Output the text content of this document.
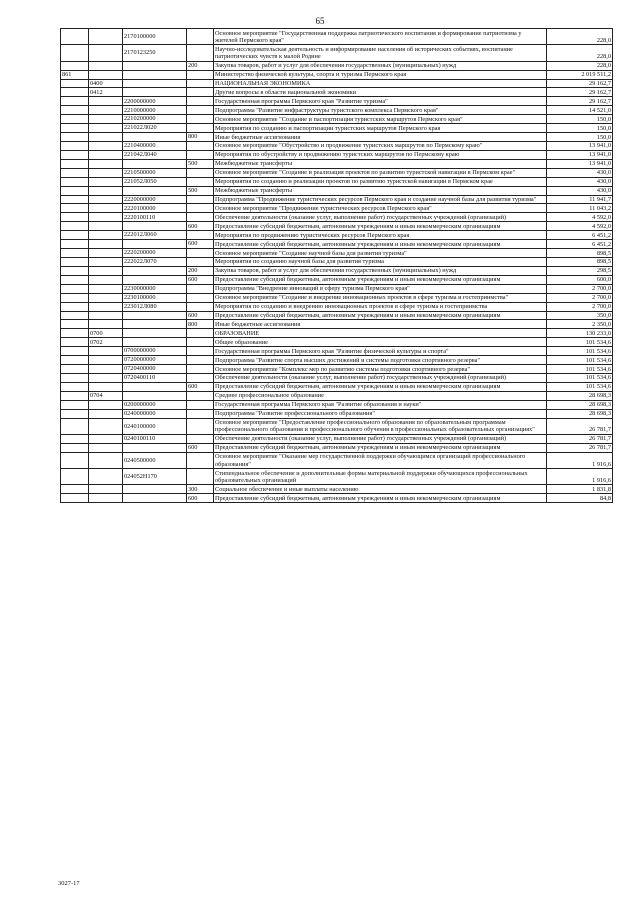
65
		2170100000		Основное мероприятие "Государственная поддержка патриотического воспитания и формирование патриотизма у жителей Пермского края"	228,0
		2170123250		Научно-исследовательская деятельность и информирование населения об исторических событиях, воспитание патриотических чувств к малой Родине	228,0
			200	Закупка товаров, работ и услуг для обеспечения государственных (муниципальных) нужд	228,0
861				Министерство физической культуры, спорта и туризма Пермского края	2 019 511,2
	0400			НАЦИОНАЛЬНАЯ ЭКОНОМИКА	29 162,7
	0412			Другие вопросы в области национальной экономики	29 162,7
		2200000000		Государственная программа Пермского края "Развитие туризма"	29 162,7
		2210000000		Подпрограмма "Развитие инфраструктуры туристского комплекса Пермского края"	14 521,0
		2210200000		Основное мероприятие "Создание и паспортизация туристских маршрутов Пермского края"	150,0
		221022Л020		Мероприятия по созданию и паспортизации туристских маршрутов Пермского края	150,0
			800	Иные бюджетные ассигнования	150,0
		2210400000		Основное мероприятие "Обустройство и продвижение туристских маршрутов по Пермскому краю"	13 941,0
		221042Л040		Мероприятия по обустройству и продвижению туристских маршрутов по Пермскому краю	13 941,0
			500	Межбюджетные трансферты	13 941,0
		2210500000		Основное мероприятие "Создание и реализация проектов по развитию туристской навигации в Пермском крае"	430,0
		221052Л050		Мероприятия по созданию и реализации проектов по развитию туристской навигации в Пермском крае	430,0
			500	Межбюджетные трансферты	430,0
		2220000000		Подпрограмма "Продвижение туристических ресурсов Пермского края и создание научной базы для развития туризма"	11 941,7
		2220100000		Основное мероприятие "Продвижение туристических ресурсов Пермского края"	11 043,2
		2220100110		Обеспечение деятельности (оказание услуг, выполнение работ) государственных учреждений (организаций)	4 592,0
			600	Предоставление субсидий бюджетным, автономным учреждениям и иным некоммерческим организациям	4 592,0
		222012Л060		Мероприятия по продвижению туристических ресурсов Пермского края	6 451,2
			600	Предоставление субсидий бюджетным, автономным учреждениям и иным некоммерческим организациям	6 451,2
		2220200000		Основное мероприятие "Создание научной базы для развития туризма"	898,5
		222022Л070		Мероприятия по созданию научной базы для развития туризма	898,5
			200	Закупка товаров, работ и услуг для обеспечения государственных (муниципальных) нужд	298,5
			600	Предоставление субсидий бюджетным, автономным учреждениям и иным некоммерческим организациям	600,0
		2230000000		Подпрограмма "Внедрение инноваций в сферу туризма Пермского края"	2 700,0
		2230100000		Основное мероприятие "Создание и внедрение инновационных проектов в сфере туризма и гостеприимства"	2 700,0
		223012Л080		Мероприятия по созданию и внедрению инновационных проектов в сфере туризма и гостеприимства	2 700,0
			600	Предоставление субсидий бюджетным, автономным учреждениям и иным некоммерческим организациям	350,0
			800	Иные бюджетные ассигнования	2 350,0
	0700			ОБРАЗОВАНИЕ	130 233,0
	0702			Общее образование	101 534,6
		0700000000		Государственная программа Пермского края "Развитие физической культуры и спорта"	101 534,6
		0720000000		Подпрограмма "Развитие спорта высших достижений и системы подготовки спортивного резерва"	101 534,6
		0720400000		Основное мероприятие "Комплекс мер по развитию системы подготовки спортивного резерва"	101 534,6
		0720400110		Обеспечение деятельности (оказание услуг, выполнение работ) государственных учреждений (организаций)	101 534,6
			600	Предоставление субсидий бюджетным, автономным учреждениям и иным некоммерческим организациям	101 534,6
	0704			Среднее профессиональное образование	28 698,3
		0200000000		Государственная программа Пермского края "Развитие образования и науки"	28 698,3
		0240000000		Подпрограмма "Развитие профессионального образования"	28 698,3
		0240100000		Основное мероприятие "Предоставление профессионального образования по образовательным программам профессионального образования и профессионального обучения в профессиональных образовательных организациях"	26 781,7
		0240100110		Обеспечение деятельности (оказание услуг, выполнение работ) государственных учреждений (организаций)	26 781,7
			600	Предоставление субсидий бюджетным, автономным учреждениям и иным некоммерческим организациям	26 781,7
		0240500000		Основное мероприятие "Оказание мер государственной поддержки обучающимся организаций профессионального образования"	1 916,6
		024052Н170		Стипендиальное обеспечение и дополнительные формы материальной поддержки обучающихся профессиональных образовательных организаций	1 916,6
			300	Социальное обеспечение и иные выплаты населению	1 831,8
			600	Предоставление субсидий бюджетным, автономным учреждениям и иным некоммерческим организациям	84,8
3027-17
